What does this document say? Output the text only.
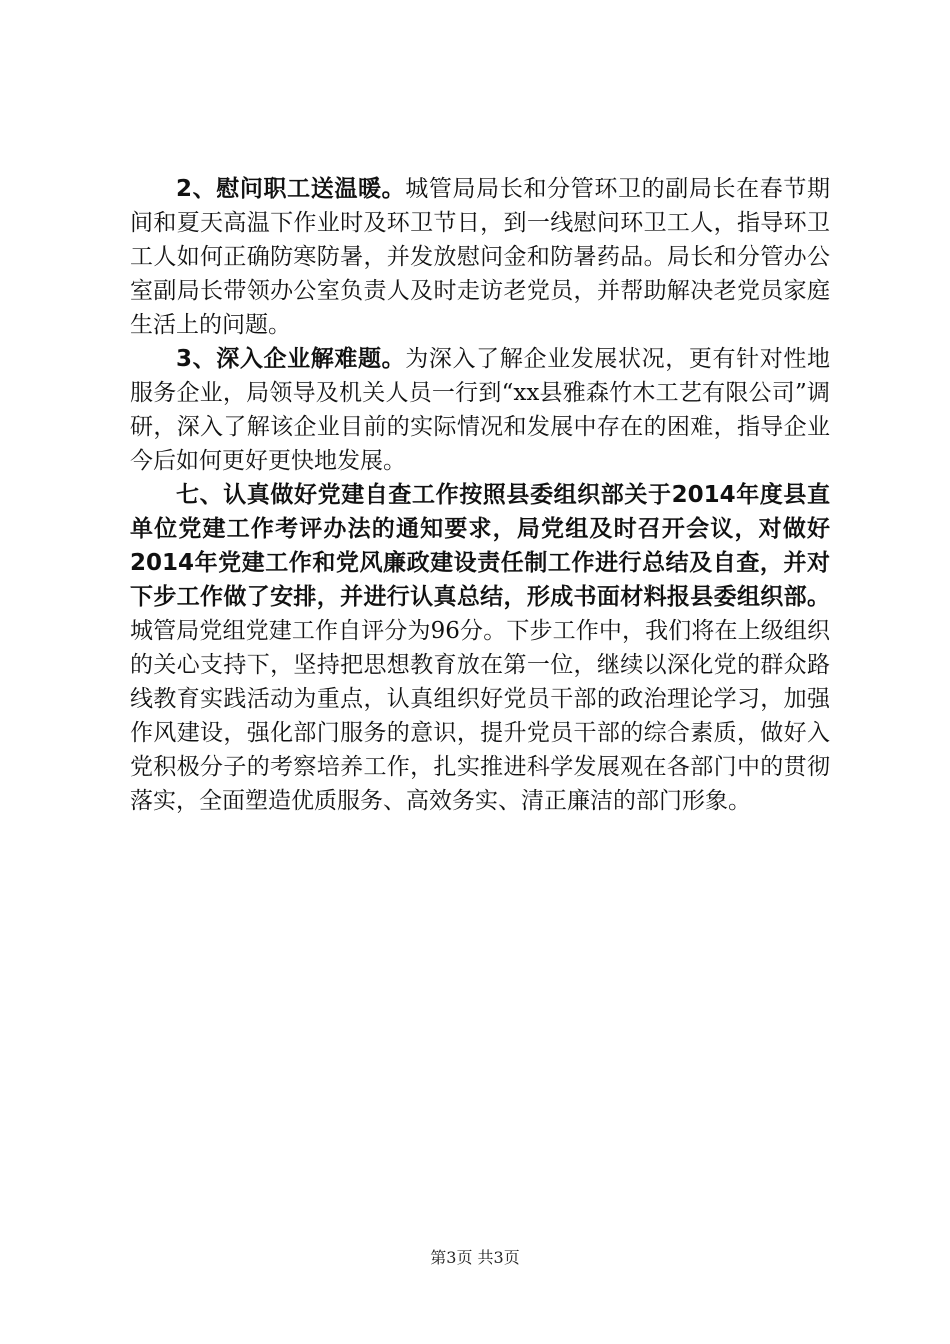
2、慰问职工送温暖。城管局局长和分管环卫的副局长在春节期间和夏天高温下作业时及环卫节日，到一线慰问环卫工人，指导环卫工人如何正确防寒防暑，并发放慰问金和防暑药品。局长和分管办公室副局长带领办公室负责人及时走访老党员，并帮助解决老党员家庭生活上的问题。

3、深入企业解难题。为深入了解企业发展状况，更有针对性地服务企业，局领导及机关人员一行到“xx县雅森竹木工艺有限公司”调研，深入了解该企业目前的实际情况和发展中存在的困难，指导企业今后如何更好更快地发展。

七、认真做好党建自查工作按照县委组织部关于2014年度县直单位党建工作考评办法的通知要求，局党组及时召开会议，对做好2014年党建工作和党风廉政建设责任制工作进行总结及自查，并对下步工作做了安排，并进行认真总结，形成书面材料报县委组织部。城管局党组党建工作自评分为96分。下步工作中，我们将在上级组织的关心支持下，坚持把思想教育放在第一位，继续以深化党的群众路线教育实践活动为重点，认真组织好党员干部的政治理论学习，加强作风建设，强化部门服务的意识，提升党员干部的综合素质，做好入党积极分子的考察培养工作，扎实推进科学发展观在各部门中的贯彻落实，全面塑造优质服务、高效务实、清正廉洁的部门形象。

第3页 共3页
